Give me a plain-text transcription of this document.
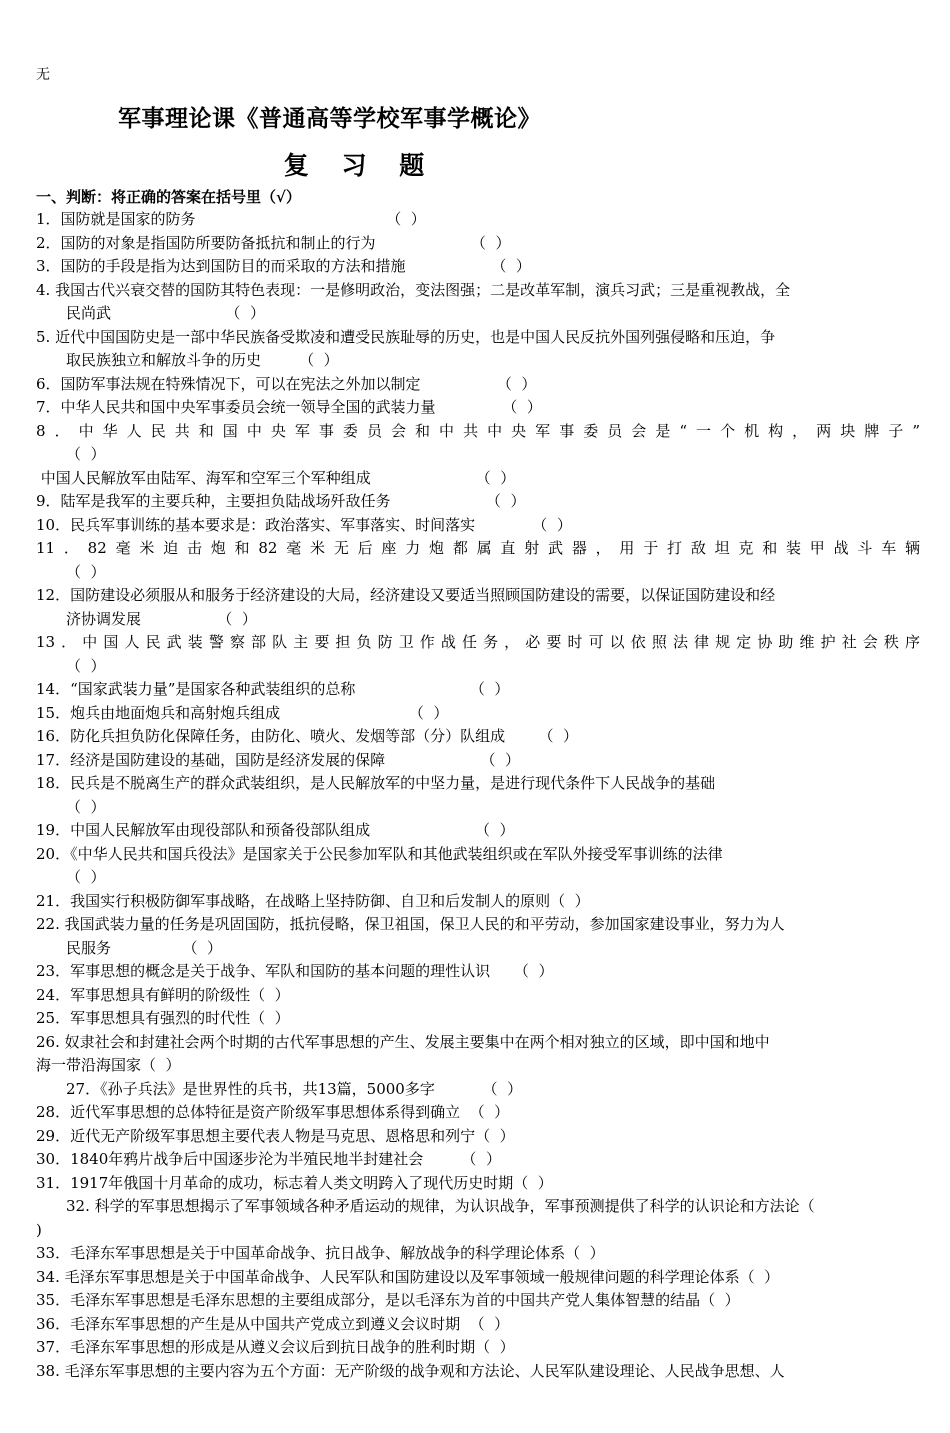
无
军事理论课《普通高等学校军事学概论》
复 习 题
一、判断：将正确的答案在括号里（√）
1．国防就是国家的防务                                        （  ）
2．国防的对象是指国防所要防备抵抗和制止的行为                    （  ）
3．国防的手段是指为达到国防目的而采取的方法和措施                  （  ）
4. 我国古代兴衰交替的国防其特色表现：一是修明政治，变法图强；二是改革军制，演兵习武；三是重视教战，全
民尚武                        （  ）
5. 近代中国国防史是一部中华民族备受欺凌和遭受民族耻辱的历史，也是中国人民反抗外国列强侵略和压迫，争
取民族独立和解放斗争的历史        （  ）
6．国防军事法规在特殊情况下，可以在宪法之外加以制定                （  ）
7．中华人民共和国中央军事委员会统一领导全国的武装力量              （  ）
8．中华人民共和国中央军事委员会和中共中央军事委员会是“一个机构，两块牌子”
（  ）
中国人民解放军由陆军、海军和空军三个军种组成                      （  ）
9．陆军是我军的主要兵种，主要担负陆战场歼敌任务                    （  ）
10．民兵军事训练的基本要求是：政治落实、军事落实、时间落实            （  ）
11．82毫米迫击炮和82毫米无后座力炮都属直射武器，用于打敌坦克和装甲战斗车辆
（  ）
12．国防建设必须服从和服务于经济建设的大局，经济建设又要适当照顾国防建设的需要，以保证国防建设和经
济协调发展                （  ）
13．中国人民武装警察部队主要担负防卫作战任务，必要时可以依照法律规定协助维护社会秩序
（  ）
14．“国家武装力量”是国家各种武装组织的总称                        （  ）
15．炮兵由地面炮兵和高射炮兵组成                           （  ）
16．防化兵担负防化保障任务，由防化、喷火、发烟等部（分）队组成       （  ）
17．经济是国防建设的基础，国防是经济发展的保障                    （  ）
18．民兵是不脱离生产的群众武装组织，是人民解放军的中坚力量，是进行现代条件下人民战争的基础
（  ）
19．中国人民解放军由现役部队和预备役部队组成                      （  ）
20．《中华人民共和国兵役法》是国家关于公民参加军队和其他武装组织或在军队外接受军事训练的法律
（  ）
21．我国实行积极防御军事战略，在战略上坚持防御、自卫和后发制人的原则（  ）
22. 我国武装力量的任务是巩固国防，抵抗侵略，保卫祖国，保卫人民的和平劳动，参加国家建设事业，努力为人
民服务               （  ）
23．军事思想的概念是关于战争、军队和国防的基本问题的理性认识     （  ）
24．军事思想具有鲜明的阶级性（  ）
25．军事思想具有强烈的时代性（  ）
26. 奴隶社会和封建社会两个时期的古代军事思想的产生、发展主要集中在两个相对独立的区域，即中国和地中
海一带沿海国家（  ）
27．《孙子兵法》是世界性的兵书，共13篇，5000多字          （  ）
28．近代军事思想的总体特征是资产阶级军事思想体系得到确立  （  ）
29．近代无产阶级军事思想主要代表人物是马克思、恩格思和列宁（  ）
30．1840年鸦片战争后中国逐步沦为半殖民地半封建社会        （  ）
31．1917年俄国十月革命的成功，标志着人类文明跨入了现代历史时期（  ）
32. 科学的军事思想揭示了军事领域各种矛盾运动的规律，为认识战争，军事预测提供了科学的认识论和方法论（
)
33．毛泽东军事思想是关于中国革命战争、抗日战争、解放战争的科学理论体系（  ）
34. 毛泽东军事思想是关于中国革命战争、人民军队和国防建设以及军事领域一般规律问题的科学理论体系（  ）
35．毛泽东军事思想是毛泽东思想的主要组成部分，是以毛泽东为首的中国共产党人集体智慧的结晶（  ）
36．毛泽东军事思想的产生是从中国共产党成立到遵义会议时期  （  ）
37．毛泽东军事思想的形成是从遵义会议后到抗日战争的胜利时期（  ）
38. 毛泽东军事思想的主要内容为五个方面：无产阶级的战争观和方法论、人民军队建设理论、人民战争思想、人
